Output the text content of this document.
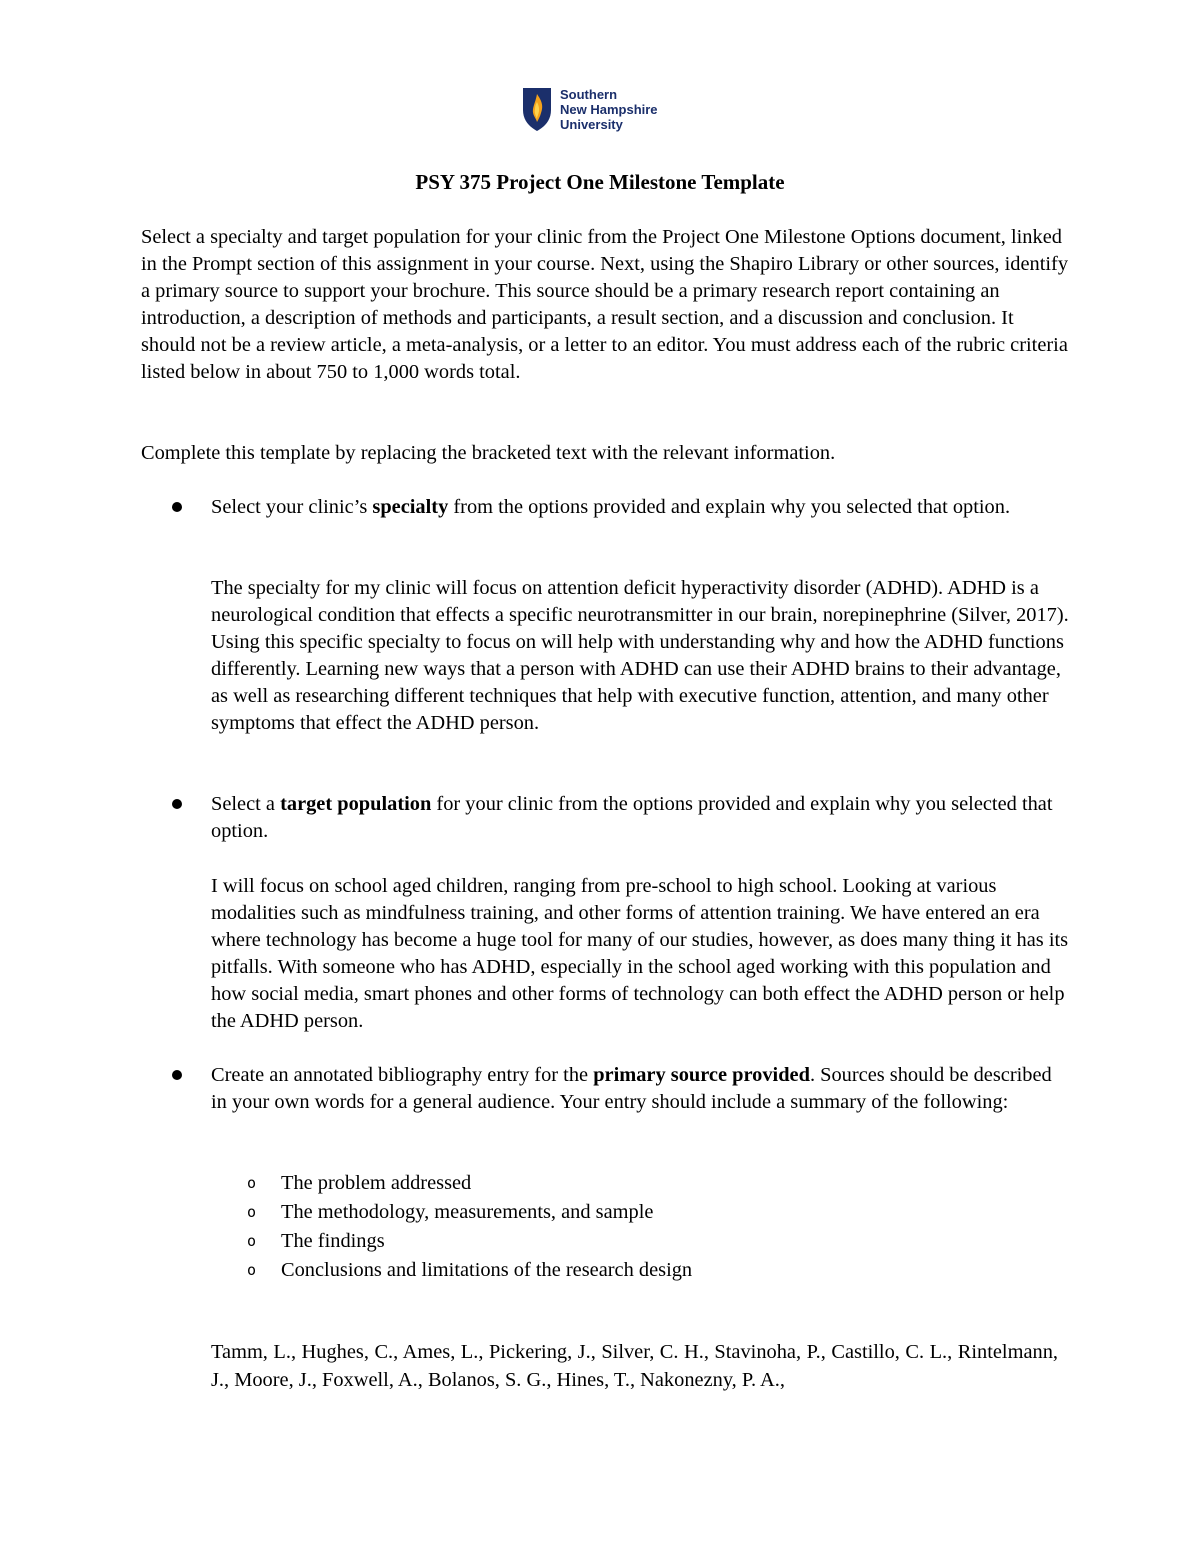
Southern
New Hampshire
University
PSY 375 Project One Milestone Template

Select a specialty and target population for your clinic from the Project One Milestone Options document, linked in the Prompt section of this assignment in your course. Next, using the Shapiro Library or other sources, identify a primary source to support your brochure. This source should be a primary research report containing an introduction, a description of methods and participants, a result section, and a discussion and conclusion. It should not be a review article, a meta-analysis, or a letter to an editor. You must address each of the rubric criteria listed below in about 750 to 1,000 words total.

Complete this template by replacing the bracketed text with the relevant information.

Select your clinic’s specialty from the options provided and explain why you selected that option.

The specialty for my clinic will focus on attention deficit hyperactivity disorder (ADHD). ADHD is a neurological condition that effects a specific neurotransmitter in our brain, norepinephrine (Silver, 2017). Using this specific specialty to focus on will help with understanding why and how the ADHD functions differently. Learning new ways that a person with ADHD can use their ADHD brains to their advantage, as well as researching different techniques that help with executive function, attention, and many other symptoms that effect the ADHD person.

Select a target population for your clinic from the options provided and explain why you selected that option.

I will focus on school aged children, ranging from pre-school to high school. Looking at various modalities such as mindfulness training, and other forms of attention training. We have entered an era where technology has become a huge tool for many of our studies, however, as does many thing it has its pitfalls. With someone who has ADHD, especially in the school aged working with this population and how social media, smart phones and other forms of technology can both effect the ADHD person or help the ADHD person.

Create an annotated bibliography entry for the primary source provided. Sources should be described in your own words for a general audience. Your entry should include a summary of the following:

o The problem addressed
o The methodology, measurements, and sample
o The findings
o Conclusions and limitations of the research design

Tamm, L., Hughes, C., Ames, L., Pickering, J., Silver, C. H., Stavinoha, P., Castillo, C. L., Rintelmann, J., Moore, J., Foxwell, A., Bolanos, S. G., Hines, T., Nakonezny, P. A.,
